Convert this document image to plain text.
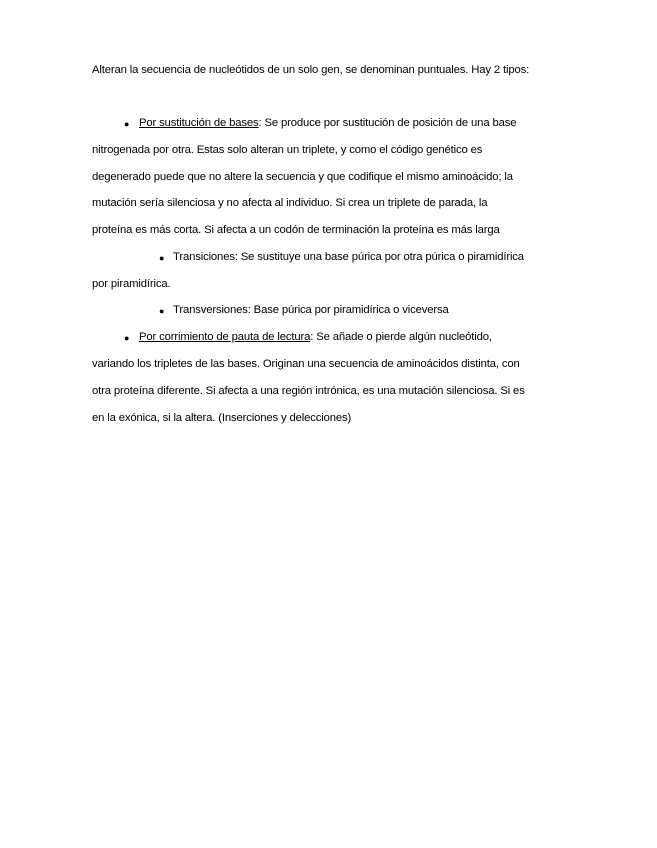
Alteran la secuencia de nucleótidos de un solo gen, se denominan puntuales. Hay 2 tipos:
● Por sustitución de bases: Se produce por sustitución de posición de una base
nitrogenada por otra. Estas solo alteran un triplete, y como el código genético es
degenerado puede que no altere la secuencia y que codifique el mismo aminoácido; la
mutación sería silenciosa y no afecta al individuo. Si crea un triplete de parada, la
proteína es más corta. Si afecta a un codón de terminación la proteína es más larga
● Transiciones: Se sustituye una base púrica por otra púrica o piramidírica
por piramidírica.
● Transversiones: Base púrica por piramidírica o viceversa
● Por corrimiento de pauta de lectura: Se añade o pierde algún nucleótido,
variando los tripletes de las bases. Originan una secuencia de aminoácidos distinta, con
otra proteína diferente. Si afecta a una región intrónica, es una mutación silenciosa. Si es
en la exónica, si la altera. (Inserciones y delecciones)
